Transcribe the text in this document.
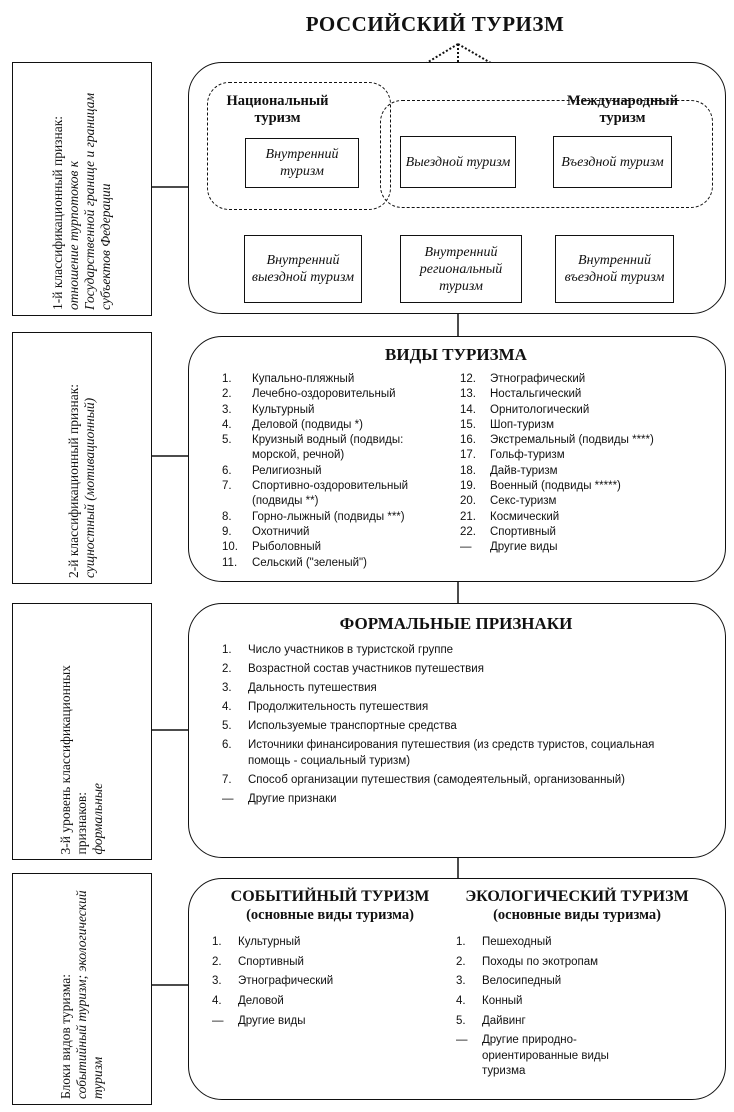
РОССИЙСКИЙ ТУРИЗМ
1-й классификационный признак: отношение турпотоков к Государственной границе и границам субъектов Федерации
Национальный туризм
Международный туризм
Внутренний туризм
Выездной туризм	Въездной туризм
Внутренний выездной туризм
Внутренний региональный туризм
Внутренний въездной туризм
2-й классификационный признак: сущностный (мотивационный)
ВИДЫ ТУРИЗМА
1. Купально-пляжный
2. Лечебно-оздоровительный
3. Культурный
4. Деловой (подвиды *)
5. Круизный водный (подвиды: морской, речной)
6. Религиозный
7. Спортивно-оздоровительный (подвиды **)
8. Горно-лыжный (подвиды ***)
9. Охотничий
10. Рыболовный
11. Сельский ("зеленый")
12. Этнографический
13. Ностальгический
14. Орнитологический
15. Шоп-туризм
16. Экстремальный (подвиды ****)
17. Гольф-туризм
18. Дайв-туризм
19. Военный (подвиды *****)
20. Секс-туризм
21. Космический
22. Спортивный
— Другие виды
3-й уровень классификационных признаков: формальные
ФОРМАЛЬНЫЕ ПРИЗНАКИ
1. Число участников в туристской группе
2. Возрастной состав участников путешествия
3. Дальность путешествия
4. Продолжительность путешествия
5. Используемые транспортные средства
6. Источники финансирования путешествия (из средств туристов, социальная помощь - социальный туризм)
7. Способ организации путешествия (самодеятельный, организованный)
— Другие признаки
Блоки видов туризма: событийный туризм; экологический туризм
СОБЫТИЙНЫЙ ТУРИЗМ
(основные виды туризма)
ЭКОЛОГИЧЕСКИЙ ТУРИЗМ
(основные виды туризма)
1. Культурный
2. Спортивный
3. Этнографический
4. Деловой
— Другие виды
1. Пешеходный
2. Походы по экотропам
3. Велосипедный
4. Конный
5. Дайвинг
— Другие природно-ориентированные виды туризма
